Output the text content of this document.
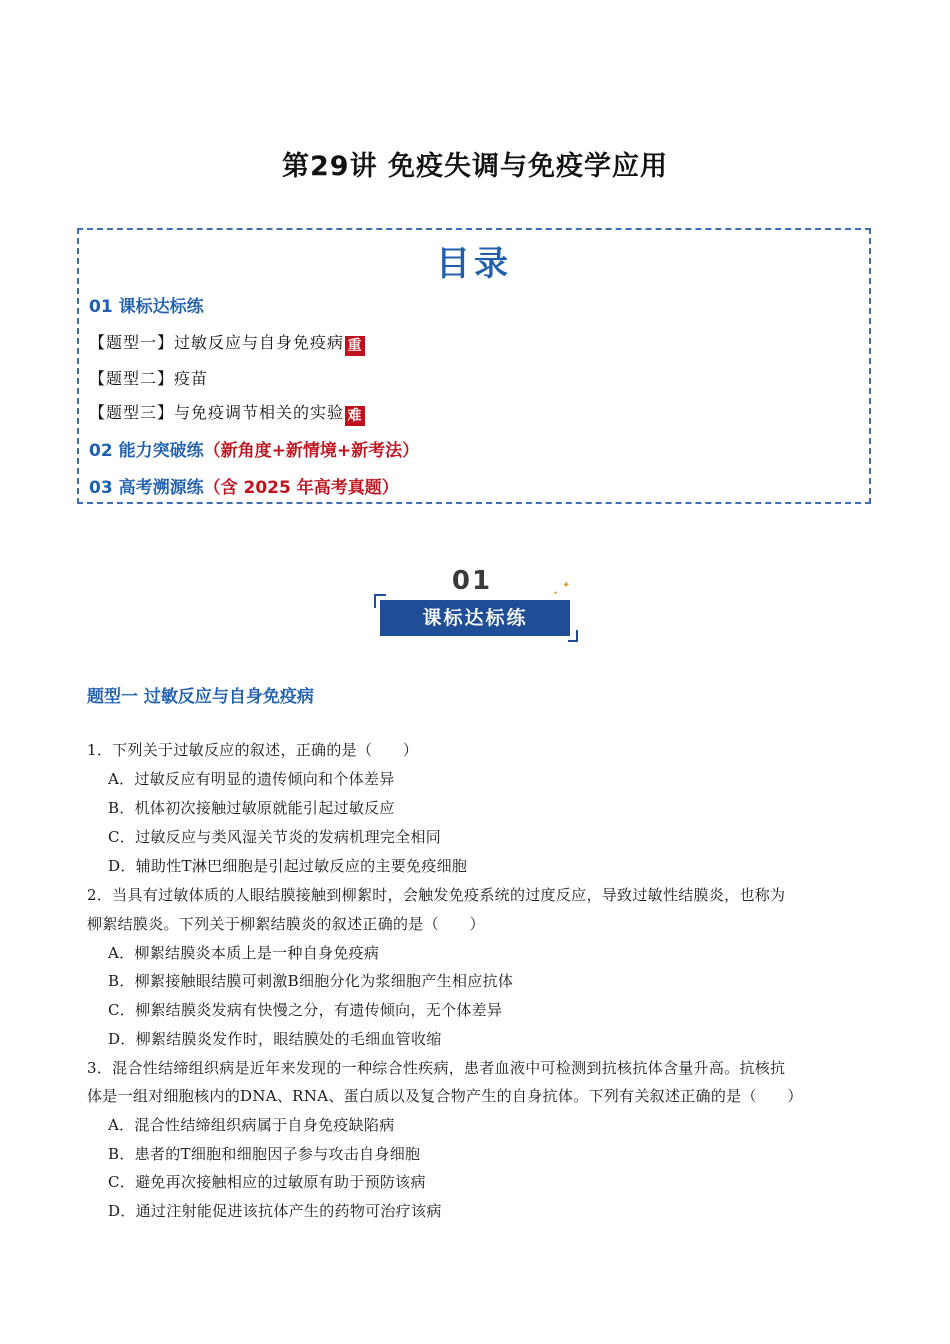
第29讲 免疫失调与免疫学应用
目录
01 课标达标练
【题型一】过敏反应与自身免疫病 重
【题型二】疫苗
【题型三】与免疫调节相关的实验 难
02 能力突破练（新角度+新情境+新考法）
03 高考溯源练（含 2025 年高考真题）
01
课标达标练
✦
✦
题型一 过敏反应与自身免疫病
1．下列关于过敏反应的叙述，正确的是（　　）
A．过敏反应有明显的遗传倾向和个体差异
B．机体初次接触过敏原就能引起过敏反应
C．过敏反应与类风湿关节炎的发病机理完全相同
D．辅助性T淋巴细胞是引起过敏反应的主要免疫细胞
2．当具有过敏体质的人眼结膜接触到柳絮时，会触发免疫系统的过度反应，导致过敏性结膜炎，也称为
柳絮结膜炎。下列关于柳絮结膜炎的叙述正确的是（　　）
A．柳絮结膜炎本质上是一种自身免疫病
B．柳絮接触眼结膜可刺激B细胞分化为浆细胞产生相应抗体
C．柳絮结膜炎发病有快慢之分，有遗传倾向，无个体差异
D．柳絮结膜炎发作时，眼结膜处的毛细血管收缩
3．混合性结缔组织病是近年来发现的一种综合性疾病，患者血液中可检测到抗核抗体含量升高。抗核抗
体是一组对细胞核内的DNA、RNA、蛋白质以及复合物产生的自身抗体。下列有关叙述正确的是（　　）
A．混合性结缔组织病属于自身免疫缺陷病
B．患者的T细胞和细胞因子参与攻击自身细胞
C．避免再次接触相应的过敏原有助于预防该病
D．通过注射能促进该抗体产生的药物可治疗该病
